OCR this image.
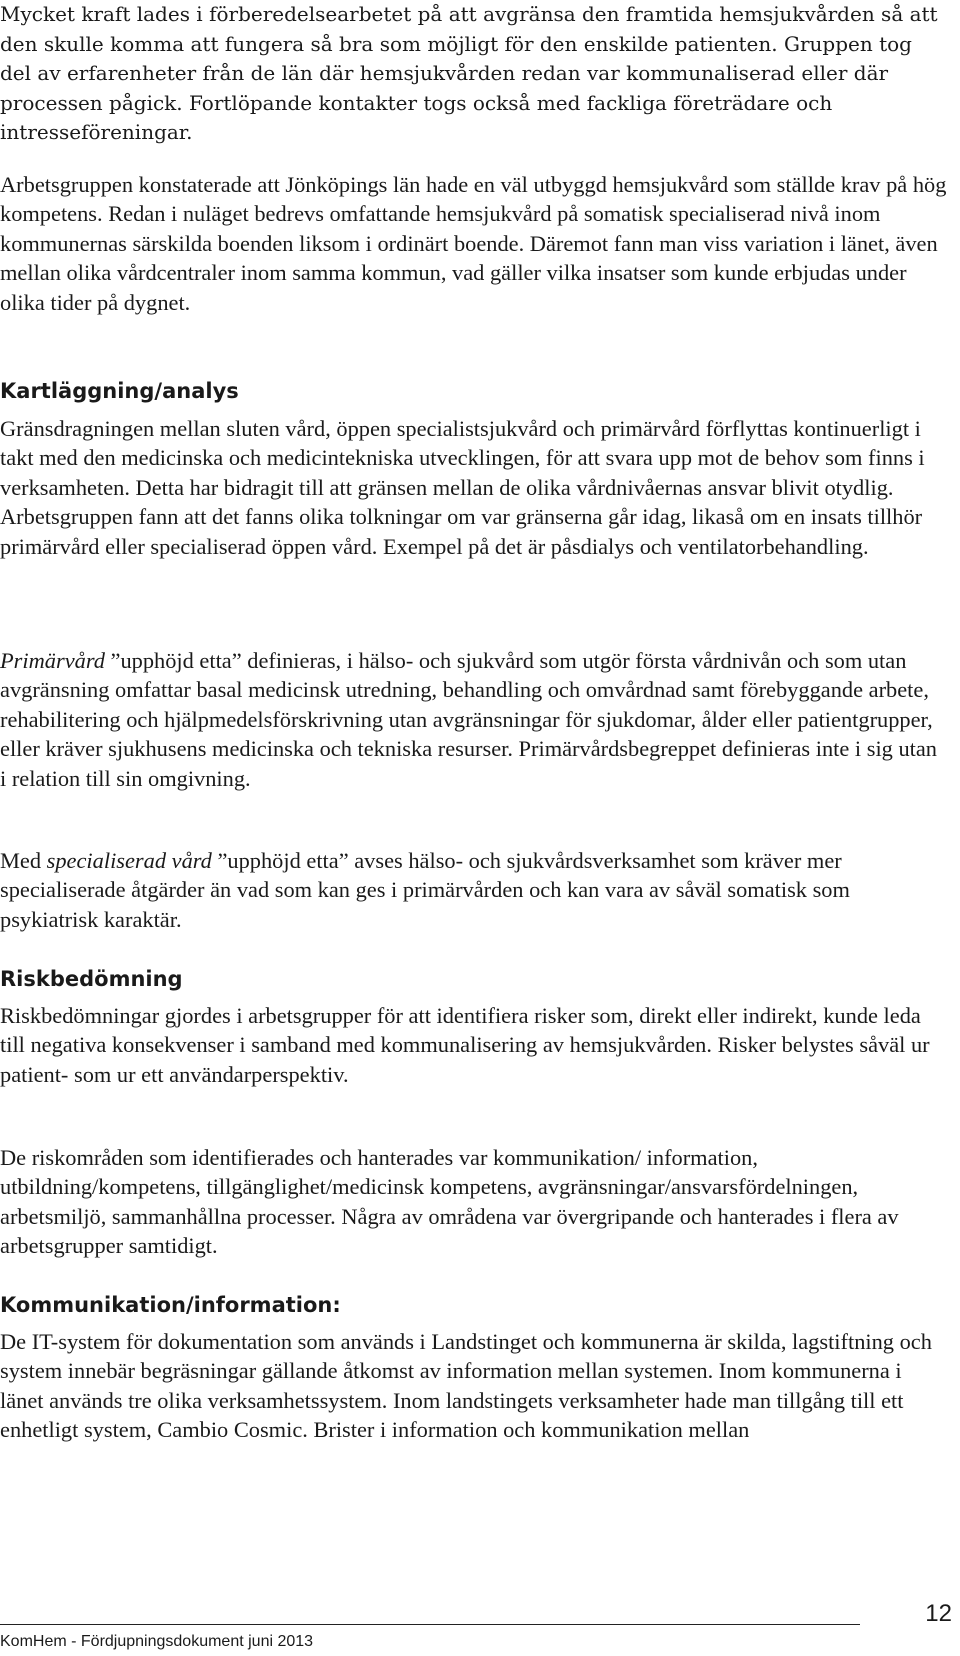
Mycket kraft lades i förberedelsearbetet på att avgränsa den framtida hemsjukvården så att den skulle komma att fungera så bra som möjligt för den enskilde patienten. Gruppen tog del av erfarenheter från de län där hemsjukvården redan var kommunaliserad eller där processen pågick. Fortlöpande kontakter togs också med fackliga företrädare och intresseföreningar.

Arbetsgruppen konstaterade att Jönköpings län hade en väl utbyggd hemsjukvård som ställde krav på hög kompetens. Redan i nuläget bedrevs omfattande hemsjukvård på somatisk specialiserad nivå inom kommunernas särskilda boenden liksom i ordinärt boende. Däremot fann man viss variation i länet, även mellan olika vårdcentraler inom samma kommun, vad gäller vilka insatser som kunde erbjudas under olika tider på dygnet.

Kartläggning/analys

Gränsdragningen mellan sluten vård, öppen specialistsjukvård och primärvård förflyttas kontinuerligt i takt med den medicinska och medicintekniska utvecklingen, för att svara upp mot de behov som finns i verksamheten. Detta har bidragit till att gränsen mellan de olika vårdnivåernas ansvar blivit otydlig. Arbetsgruppen fann att det fanns olika tolkningar om var gränserna går idag, likaså om en insats tillhör primärvård eller specialiserad öppen vård. Exempel på det är påsdialys och ventilatorbehandling.

Primärvård ”upphöjd etta” definieras, i hälso- och sjukvård som utgör första vårdnivån och som utan avgränsning omfattar basal medicinsk utredning, behandling och omvårdnad samt förebyggande arbete, rehabilitering och hjälpmedelsförskrivning utan avgränsningar för sjukdomar, ålder eller patientgrupper, eller kräver sjukhusens medicinska och tekniska resurser. Primärvårdsbegreppet definieras inte i sig utan i relation till sin omgivning.

Med specialiserad vård ”upphöjd etta” avses hälso- och sjukvårdsverksamhet som kräver mer specialiserade åtgärder än vad som kan ges i primärvården och kan vara av såväl somatisk som psykiatrisk karaktär.

Riskbedömning

Riskbedömningar gjordes i arbetsgrupper för att identifiera risker som, direkt eller indirekt, kunde leda till negativa konsekvenser i samband med kommunalisering av hemsjukvården. Risker belystes såväl ur patient- som ur ett användarperspektiv.

De riskområden som identifierades och hanterades var kommunikation/ information, utbildning/kompetens, tillgänglighet/medicinsk kompetens, avgränsningar/ansvarsfördelningen, arbetsmiljö, sammanhållna processer. Några av områdena var övergripande och hanterades i flera av arbetsgrupper samtidigt.

Kommunikation/information:

De IT-system för dokumentation som används i Landstinget och kommunerna är skilda, lagstiftning och system innebär begräsningar gällande åtkomst av information mellan systemen. Inom kommunerna i länet används tre olika verksamhetssystem. Inom landstingets verksamheter hade man tillgång till ett enhetligt system, Cambio Cosmic. Brister i information och kommunikation mellan

KomHem - Fördjupningsdokument juni 2013
12
